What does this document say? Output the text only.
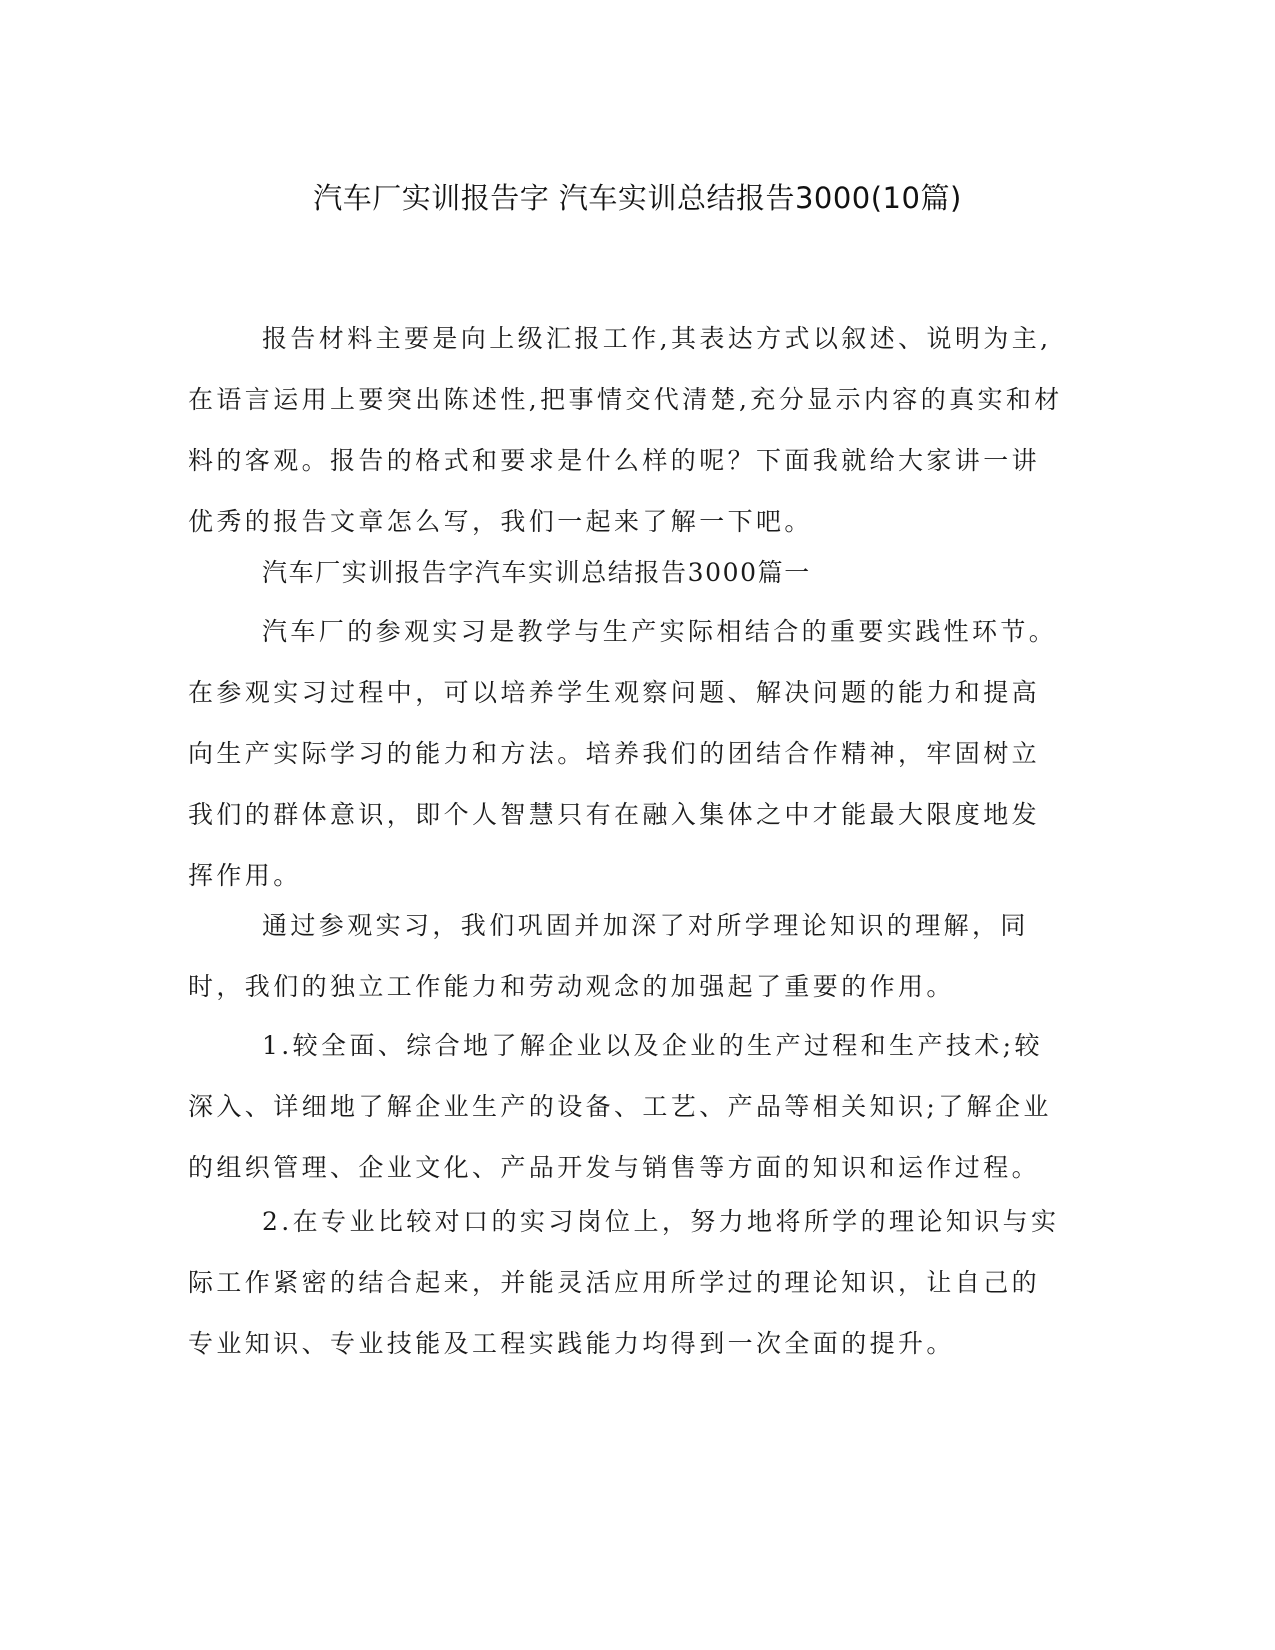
汽车厂实训报告字 汽车实训总结报告3000(10篇)

报告材料主要是向上级汇报工作,其表达方式以叙述、说明为主,在语言运用上要突出陈述性,把事情交代清楚,充分显示内容的真实和材料的客观。报告的格式和要求是什么样的呢？下面我就给大家讲一讲优秀的报告文章怎么写，我们一起来了解一下吧。

汽车厂实训报告字汽车实训总结报告3000篇一

汽车厂的参观实习是教学与生产实际相结合的重要实践性环节。在参观实习过程中，可以培养学生观察问题、解决问题的能力和提高向生产实际学习的能力和方法。培养我们的团结合作精神，牢固树立我们的群体意识，即个人智慧只有在融入集体之中才能最大限度地发挥作用。

通过参观实习，我们巩固并加深了对所学理论知识的理解，同时，我们的独立工作能力和劳动观念的加强起了重要的作用。

1.较全面、综合地了解企业以及企业的生产过程和生产技术;较深入、详细地了解企业生产的设备、工艺、产品等相关知识;了解企业的组织管理、企业文化、产品开发与销售等方面的知识和运作过程。

2.在专业比较对口的实习岗位上，努力地将所学的理论知识与实际工作紧密的结合起来，并能灵活应用所学过的理论知识，让自己的专业知识、专业技能及工程实践能力均得到一次全面的提升。
